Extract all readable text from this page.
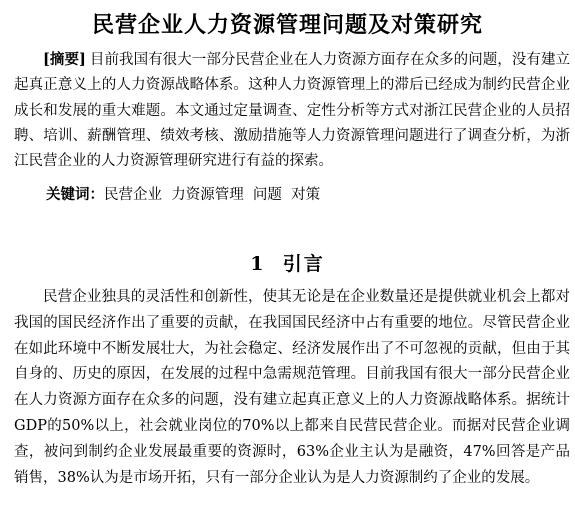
民营企业人力资源管理问题及对策研究
[摘要] 目前我国有很大一部分民营企业在人力资源方面存在众多的问题，没有建立起真正意义上的人力资源战略体系。这种人力资源管理上的滞后已经成为制约民营企业成长和发展的重大难题。本文通过定量调查、定性分析等方式对浙江民营企业的人员招聘、培训、薪酬管理、绩效考核、激励措施等人力资源管理问题进行了调查分析，为浙江民营企业的人力资源管理研究进行有益的探索。
关键词：民营企业  力资源管理  问题  对策
1  引言
民营企业独具的灵活性和创新性，使其无论是在企业数量还是提供就业机会上都对我国的国民经济作出了重要的贡献，在我国国民经济中占有重要的地位。尽管民营企业在如此环境中不断发展壮大，为社会稳定、经济发展作出了不可忽视的贡献，但由于其自身的、历史的原因，在发展的过程中急需规范管理。目前我国有很大一部分民营企业在人力资源方面存在众多的问题，没有建立起真正意义上的人力资源战略体系。据统计GDP的50%以上，社会就业岗位的70%以上都来自民营民营企业。而据对民营企业调查，被问到制约企业发展最重要的资源时，63%企业主认为是融资，47%回答是产品销售，38%认为是市场开拓，只有一部分企业认为是人力资源制约了企业的发展。
